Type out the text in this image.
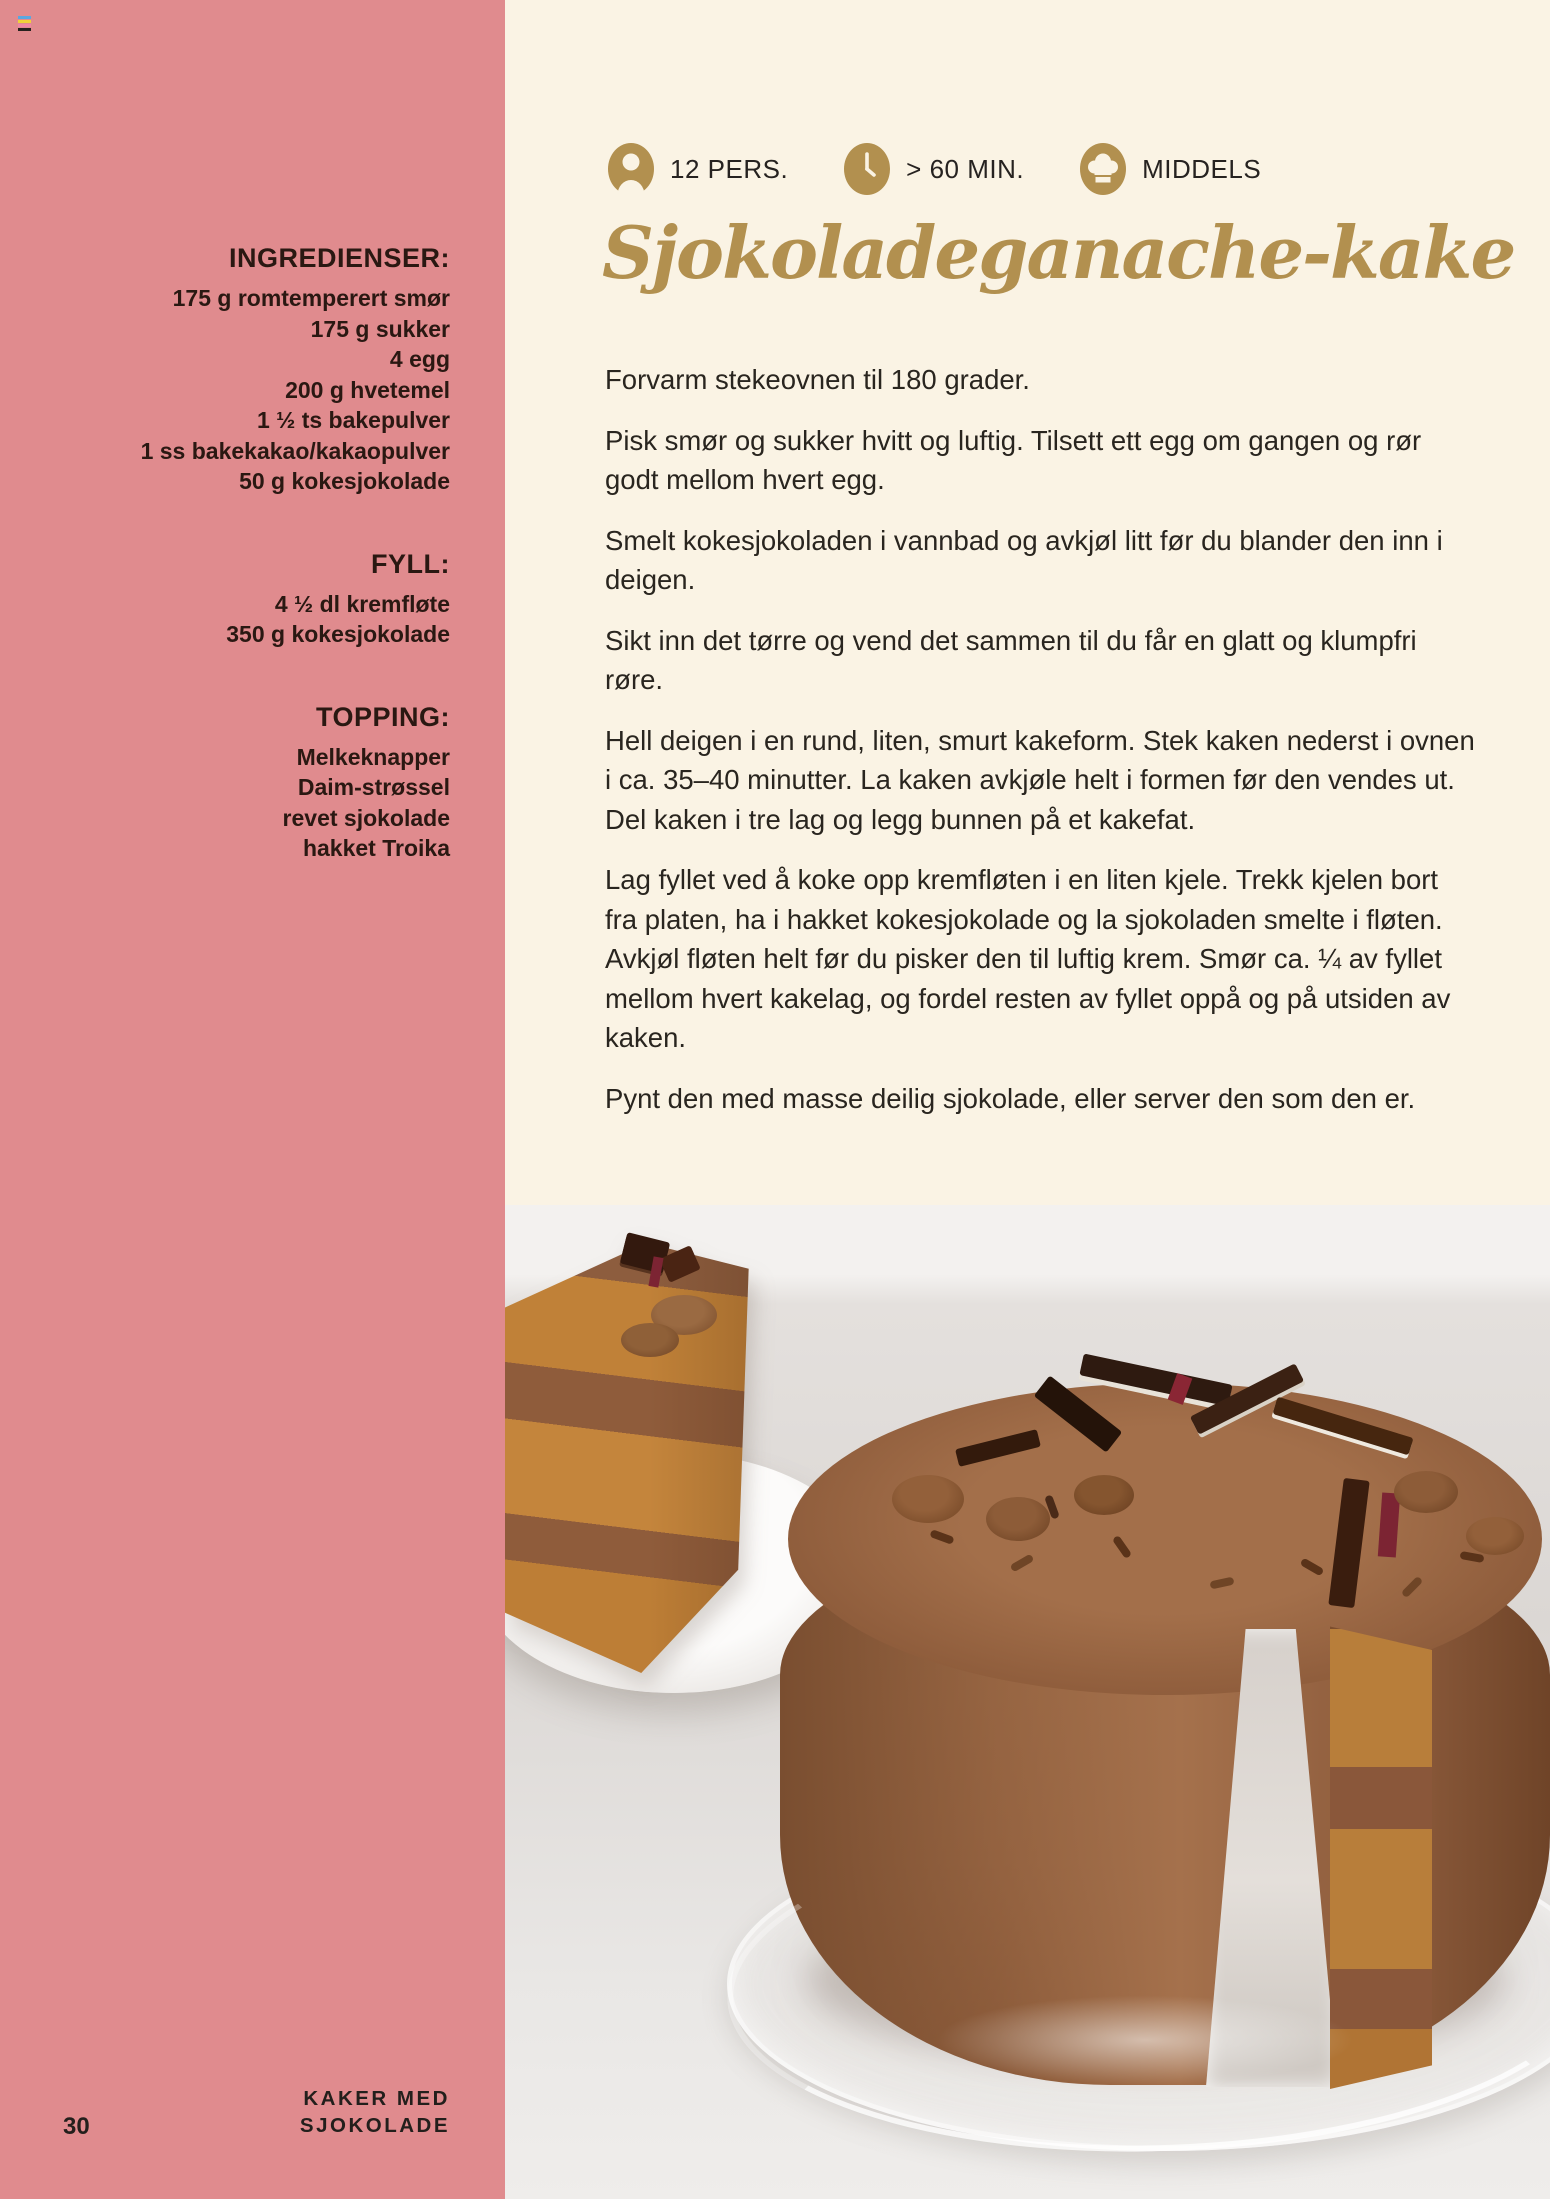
INGREDIENSER:
175 g romtemperert smør
175 g sukker
4 egg
200 g hvetemel
1 ½ ts bakepulver
1 ss bakekakao/kakaopulver
50 g kokesjokolade
FYLL:
4 ½ dl kremfløte
350 g kokesjokolade
TOPPING:
Melkeknapper
Daim-strøssel
revet sjokolade
hakket Troika
30
KAKER MED
SJOKOLADE
12 PERS.	> 60 MIN.	MIDDELS
Sjokoladeganache-kake

Forvarm stekeovnen til 180 grader.

Pisk smør og sukker hvitt og luftig. Tilsett ett egg om gangen og rør godt mellom hvert egg.

Smelt kokesjokoladen i vannbad og avkjøl litt før du blander den inn i deigen.

Sikt inn det tørre og vend det sammen til du får en glatt og klumpfri røre.

Hell deigen i en rund, liten, smurt kakeform. Stek kaken nederst i ovnen i ca. 35–40 minutter. La kaken avkjøle helt i formen før den vendes ut. Del kaken i tre lag og legg bunnen på et kakefat.

Lag fyllet ved å koke opp kremfløten i en liten kjele. Trekk kjelen bort fra platen, ha i hakket kokesjokolade og la sjokoladen smelte i fløten. Avkjøl fløten helt før du pisker den til luftig krem. Smør ca. ¼ av fyllet mellom hvert kakelag, og fordel resten av fyllet oppå og på utsiden av kaken.

Pynt den med masse deilig sjokolade, eller server den som den er.
